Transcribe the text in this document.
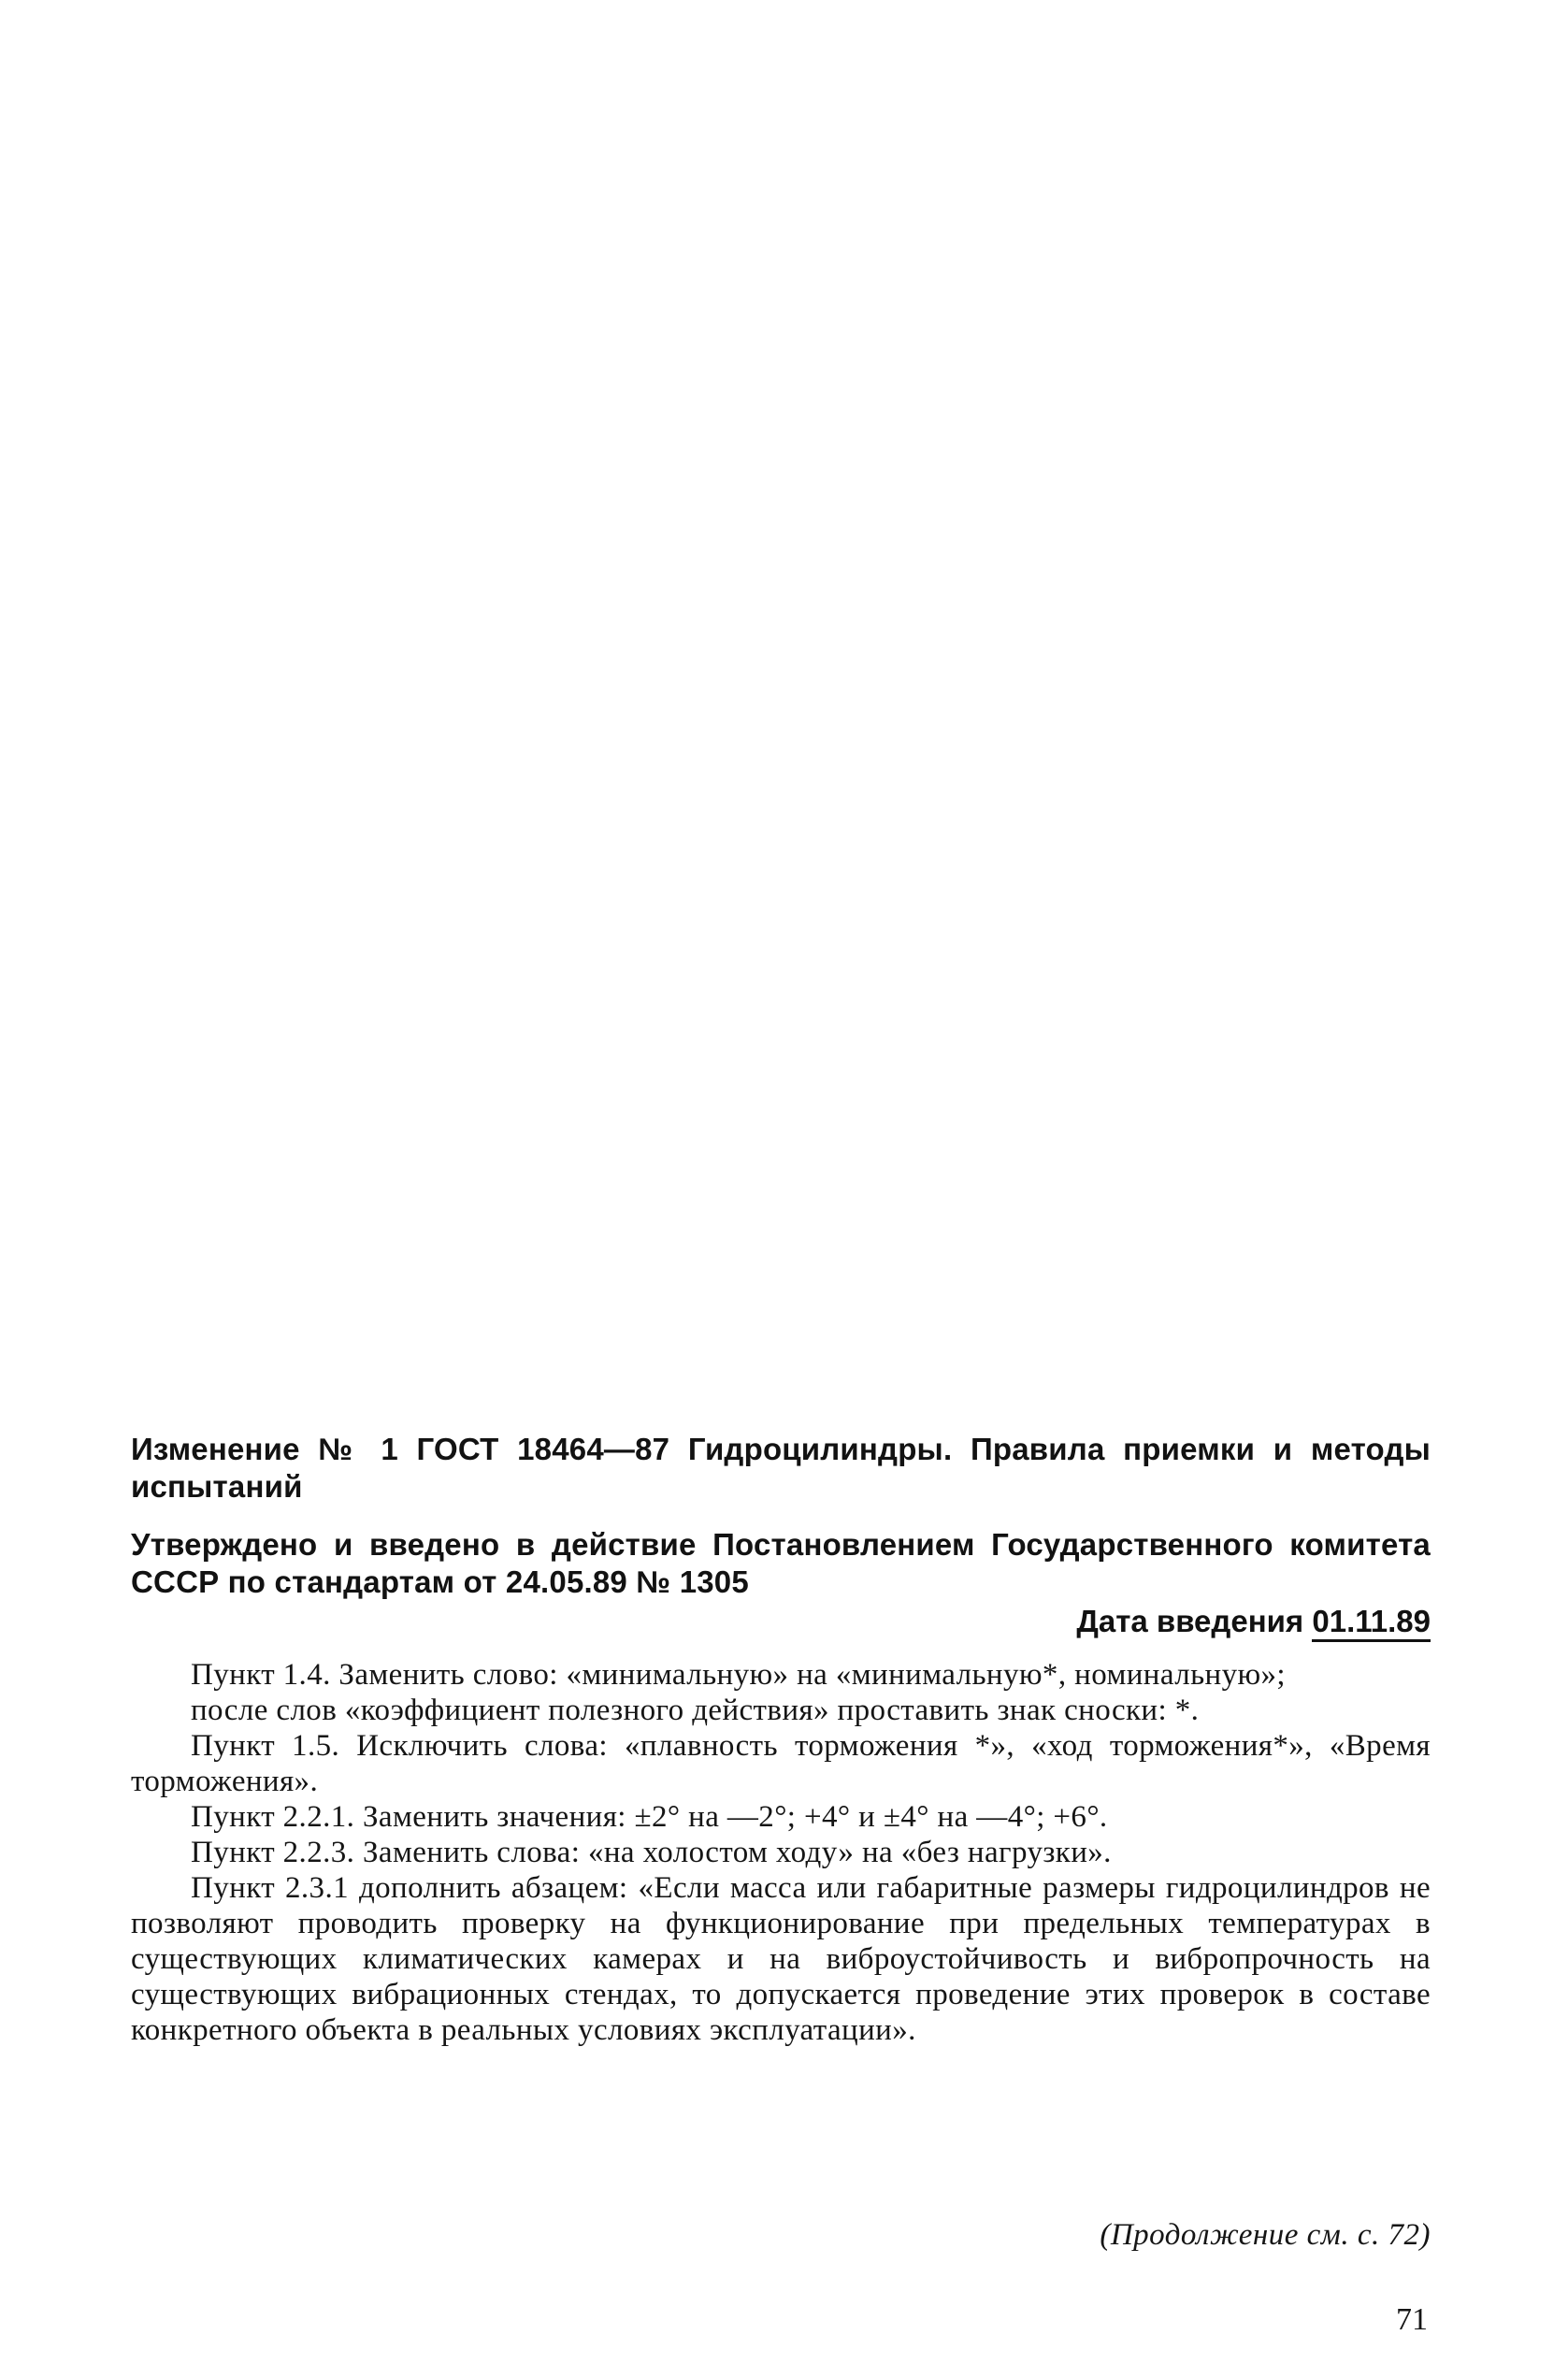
Изменение № 1 ГОСТ 18464—87 Гидроцилиндры. Правила приемки и методы испытаний
Утверждено и введено в действие Постановлением Государственного комитета СССР по стандартам от 24.05.89 № 1305
Дата введения 01.11.89

Пункт 1.4. Заменить слово: «минимальную» на «минимальную*, номинальную»;

после слов «коэффициент полезного действия» проставить знак сноски: *.

Пункт 1.5. Исключить слова: «плавность торможения *», «ход торможения*», «Время торможения».

Пункт 2.2.1. Заменить значения: ±2° на —2°; +4° и ±4° на —4°; +6°.

Пункт 2.2.3. Заменить слова: «на холостом ходу» на «без нагрузки».

Пункт 2.3.1 дополнить абзацем: «Если масса или габаритные размеры гидроцилиндров не позволяют проводить проверку на функционирование при предельных температурах в существующих климатических камерах и на виброустойчивость и вибропрочность на существующих вибрационных стендах, то допускается проведение этих проверок в составе конкретного объекта в реальных условиях эксплуатации».

(Продолжение см. с. 72)
71
